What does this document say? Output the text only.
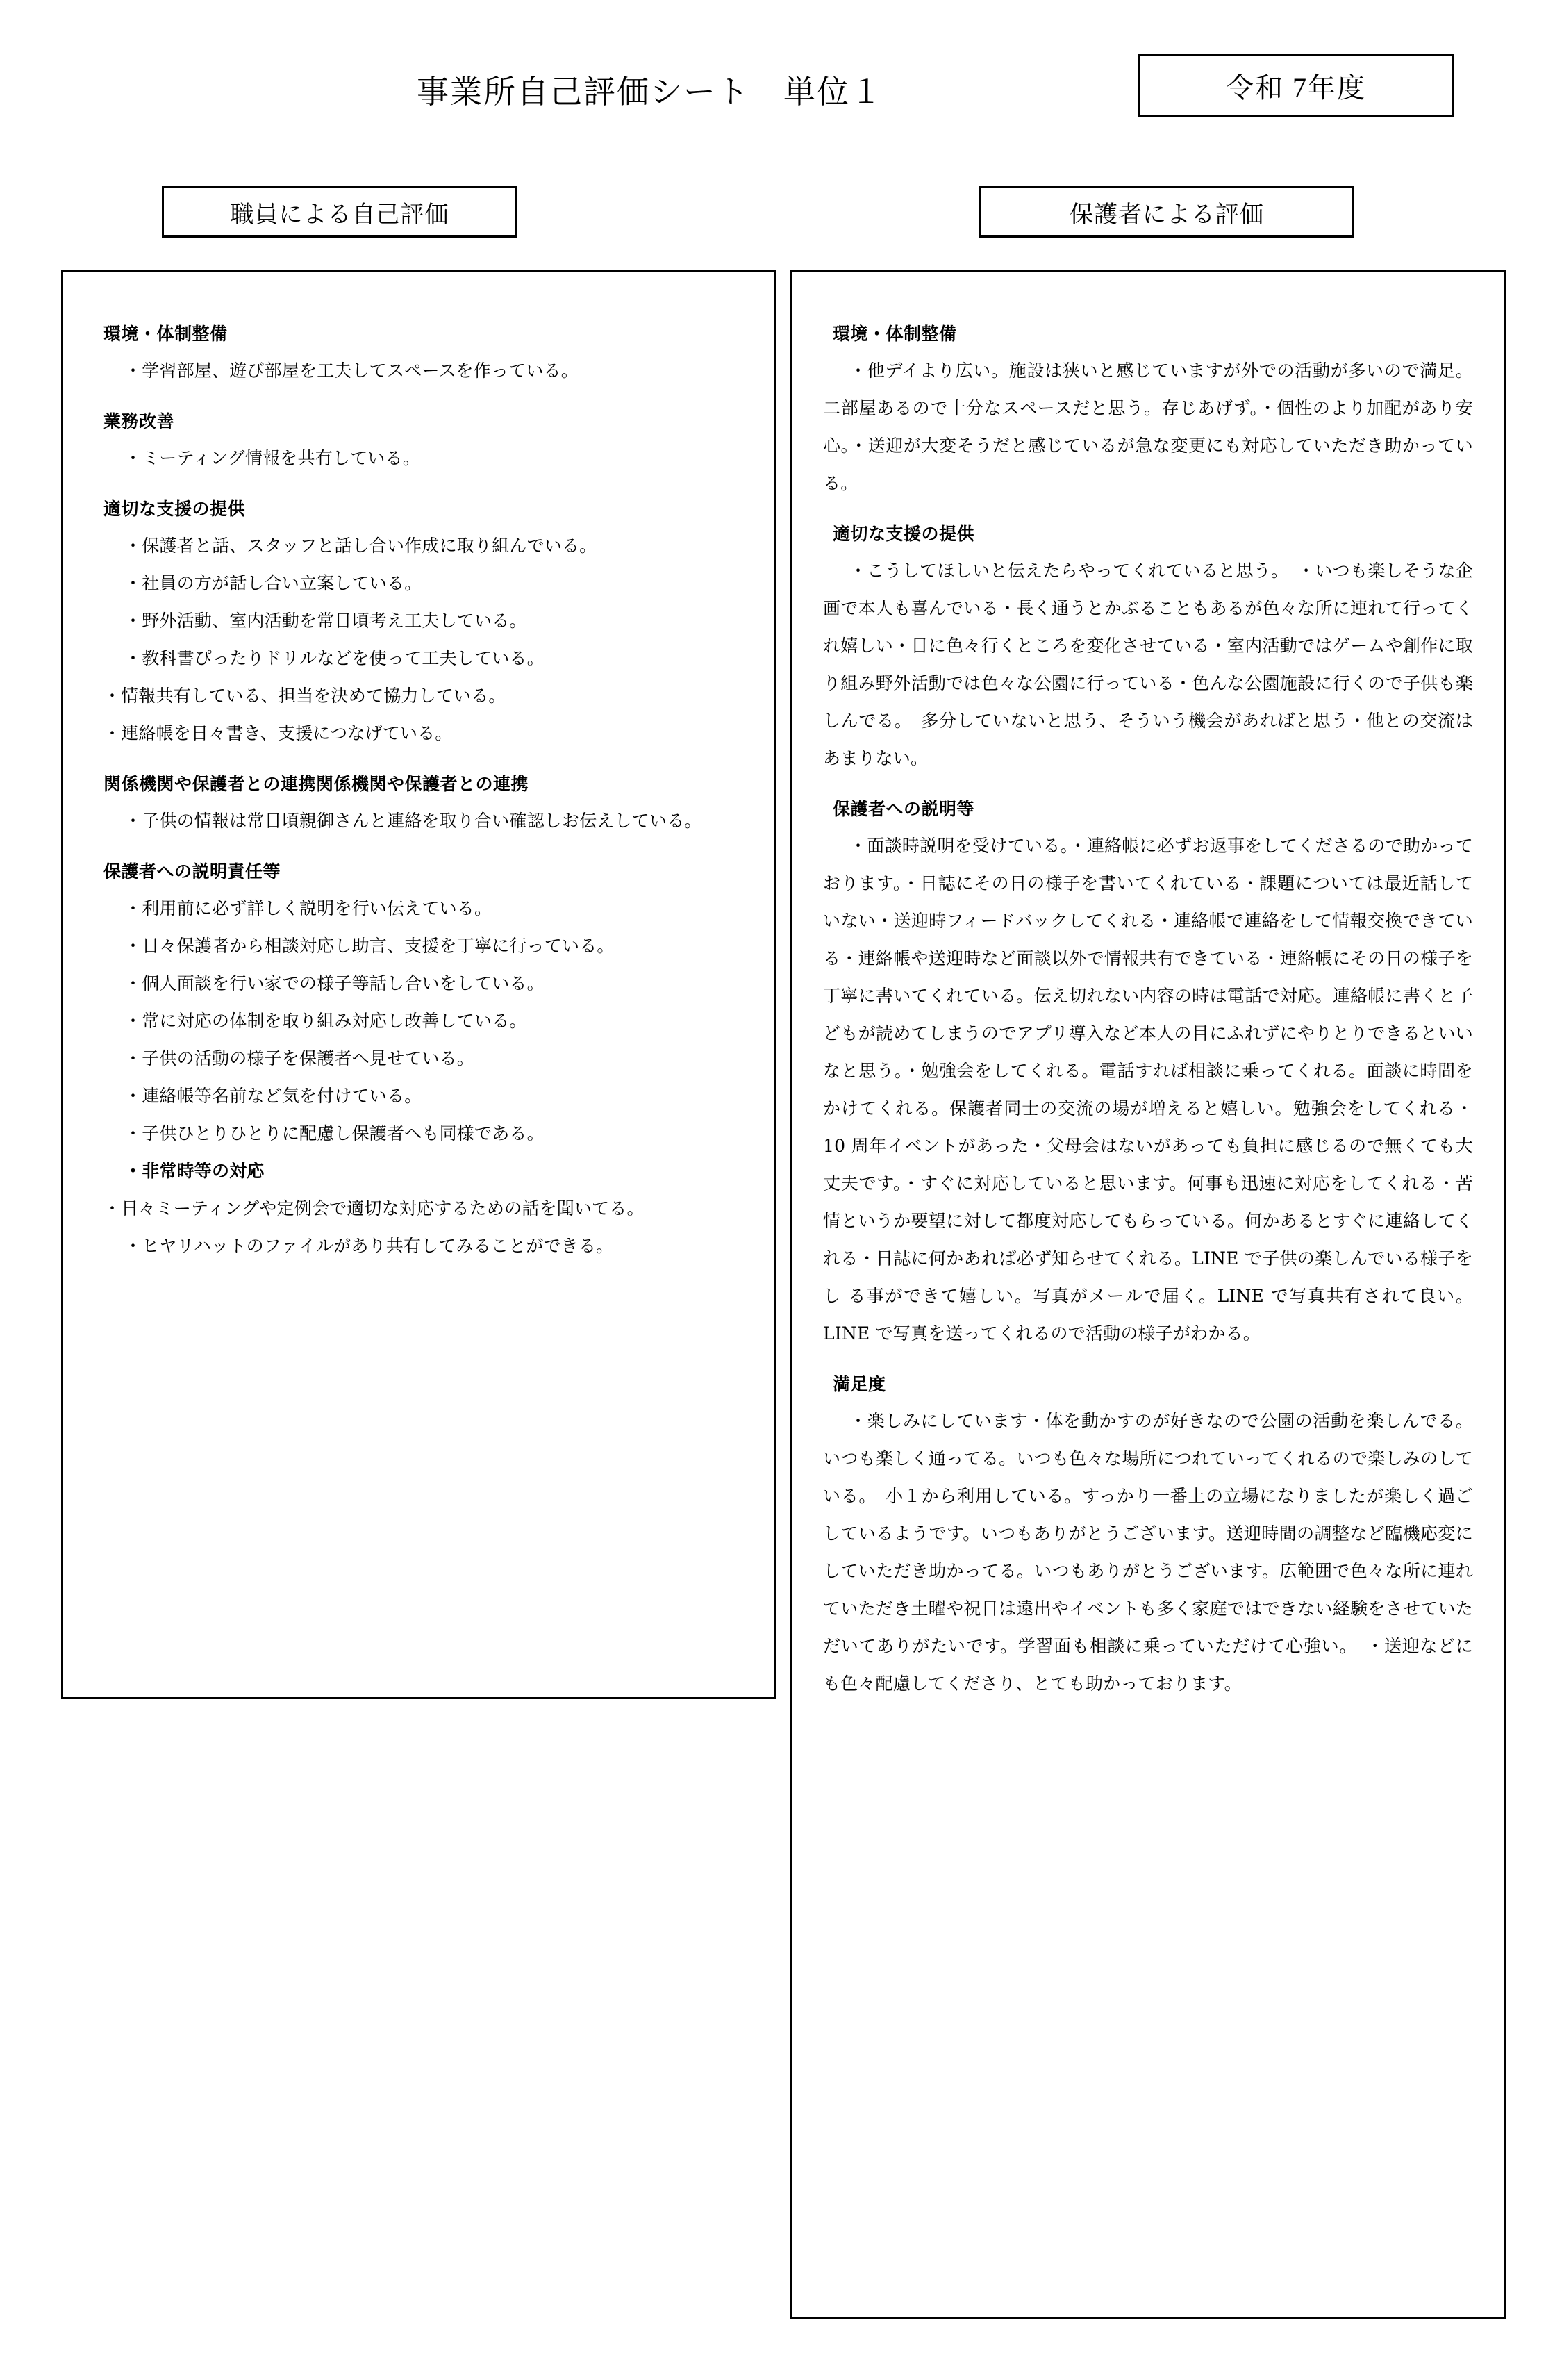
事業所自己評価シート　単位１	令和 7年度
職員による自己評価	保護者による評価
環境・体制整備

・学習部屋、遊び部屋を工夫してスペースを作っている。

業務改善

・ミーティング情報を共有している。

適切な支援の提供

・保護者と話、スタッフと話し合い作成に取り組んでいる。

・社員の方が話し合い立案している。

・野外活動、室内活動を常日頃考え工夫している。

・教科書ぴったりドリルなどを使って工夫している。

・情報共有している、担当を決めて協力している。

・連絡帳を日々書き、支援につなげている。

関係機関や保護者との連携関係機関や保護者との連携

・子供の情報は常日頃親御さんと連絡を取り合い確認しお伝えしている。

保護者への説明責任等

・利用前に必ず詳しく説明を行い伝えている。

・日々保護者から相談対応し助言、支援を丁寧に行っている。

・個人面談を行い家での様子等話し合いをしている。

・常に対応の体制を取り組み対応し改善している。

・子供の活動の様子を保護者へ見せている。

・連絡帳等名前など気を付けている。

・子供ひとりひとりに配慮し保護者へも同様である。

・非常時等の対応

・日々ミーティングや定例会で適切な対応するための話を聞いてる。

・ヒヤリハットのファイルがあり共有してみることができる。

環境・体制整備

・他デイより広い。施設は狭いと感じていますが外での活動が多いので満足。二部屋あるので十分なスペースだと思う。存じあげず。・個性のより加配があり安心。・送迎が大変そうだと感じているが急な変更にも対応していただき助かっている。

適切な支援の提供

・こうしてほしいと伝えたらやってくれていると思う。　・いつも楽しそうな企画で本人も喜んでいる・長く通うとかぶることもあるが色々な所に連れて行ってくれ嬉しい・⽇に色々行くところを変化させている・室内活動ではゲームや創作に取り組み野外活動では色々な公園に行っている・色んな公園施設に行くので子供も楽しんでる。　多分していないと思う、そういう機会があればと思う・他との交流はあまりない。

保護者への説明等

・面談時説明を受けている。・連絡帳に必ずお返事をしてくださるので助かっております。・日誌にその日の様子を書いてくれている・課題については最近話していない・送迎時フィードバックしてくれる・連絡帳で連絡をして情報交換できている・連絡帳や送迎時など面談以外で情報共有できている・連絡帳にその日の様子を丁寧に書いてくれている。伝え切れない内容の時は電話で対応。連絡帳に書くと子どもが読めてしまうのでアプリ導入など本人の目にふれずにやりとりできるといいなと思う。・勉強会をしてくれる。電話すれば相談に乗ってくれる。面談に時間をかけてくれる。保護者同士の交流の場が増えると嬉しい。勉強会をしてくれる・10 周年イベントがあった・父母会はないがあっても負担に感じるので無くても大丈夫です。・すぐに対応していると思います。何事も迅速に対応をしてくれる・苦情というか要望に対して都度対応してもらっている。何かあるとすぐに連絡してくれる・日誌に何かあれば必ず知らせてくれる。LINE で子供の楽しんでいる様子をし る事ができて嬉しい。写真がメールで届く。LINE で写真共有されて良い。LINE で写真を送ってくれるので活動の様子がわかる。

満足度

・楽しみにしています・体を動かすのが好きなので公園の活動を楽しんでる。いつも楽しく通ってる。いつも色々な場所につれていってくれるので楽しみのしている。　小１から利用している。すっかり一番上の立場になりましたが楽しく過ごしているようです。いつもありがとうございます。送迎時間の調整など臨機応変にしていただき助かってる。いつもありがとうございます。広範囲で色々な所に連れていただき土曜や祝日は遠出やイベントも多く家庭ではできない経験をさせていただいてありがたいです。学習面も相談に乗っていただけて心強い。　・送迎などにも色々配慮してくださり、とても助かっております。
